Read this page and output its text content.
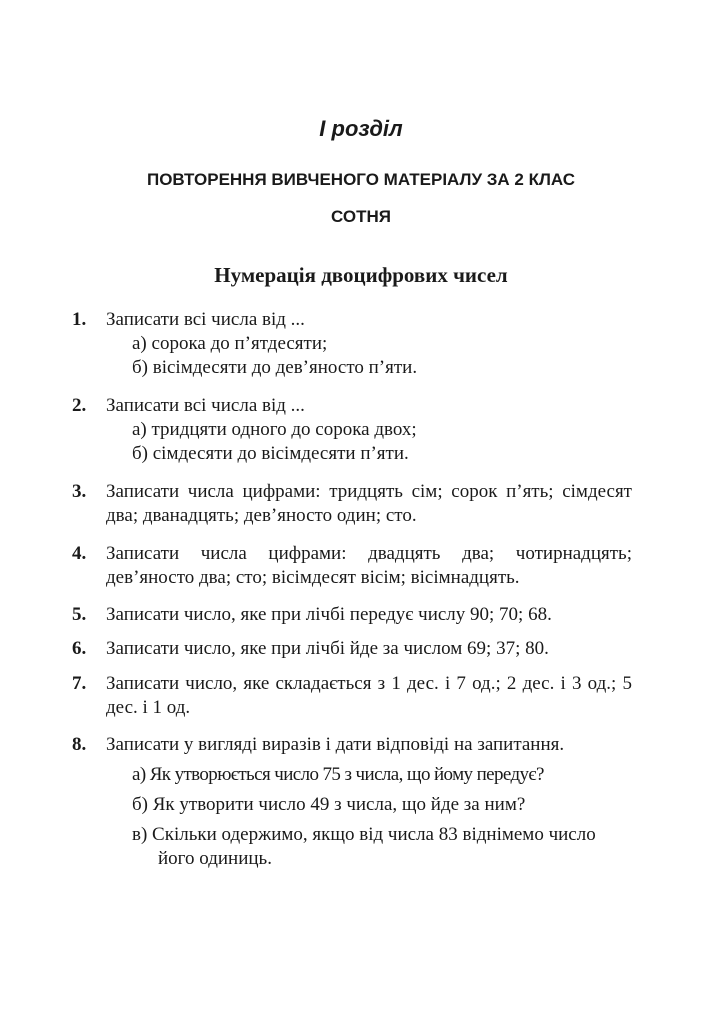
І розділ
ПОВТОРЕННЯ ВИВЧЕНОГО МАТЕРІАЛУ ЗА 2 КЛАС
СОТНЯ
Нумерація двоцифрових чисел
1. Записати всі числа від ...
а) сорока до п’ятдесяти;
б) вісімдесяти до дев’яносто п’яти.
2. Записати всі числа від ...
а) тридцяти одного до сорока двох;
б) сімдесяти до вісімдесяти п’яти.
3. Записати числа цифрами: тридцять сім; сорок п’ять; сімдесят два; дванадцять; дев’яносто один; сто.
4. Записати числа цифрами: двадцять два; чотирнадцять; дев’яносто два; сто; вісімдесят вісім; вісімнадцять.
5. Записати число, яке при лічбі передує числу 90; 70; 68.
6. Записати число, яке при лічбі йде за числом 69; 37; 80.
7. Записати число, яке складається з 1 дес. і 7 од.; 2 дес. і 3 од.; 5 дес. і 1 од.
8. Записати у вигляді виразів і дати відповіді на запитання.
а) Як утворюється число 75 з числа, що йому передує?
б) Як утворити число 49 з числа, що йде за ним?
в) Скільки одержимо, якщо від числа 83 віднімемо число його одиниць.
